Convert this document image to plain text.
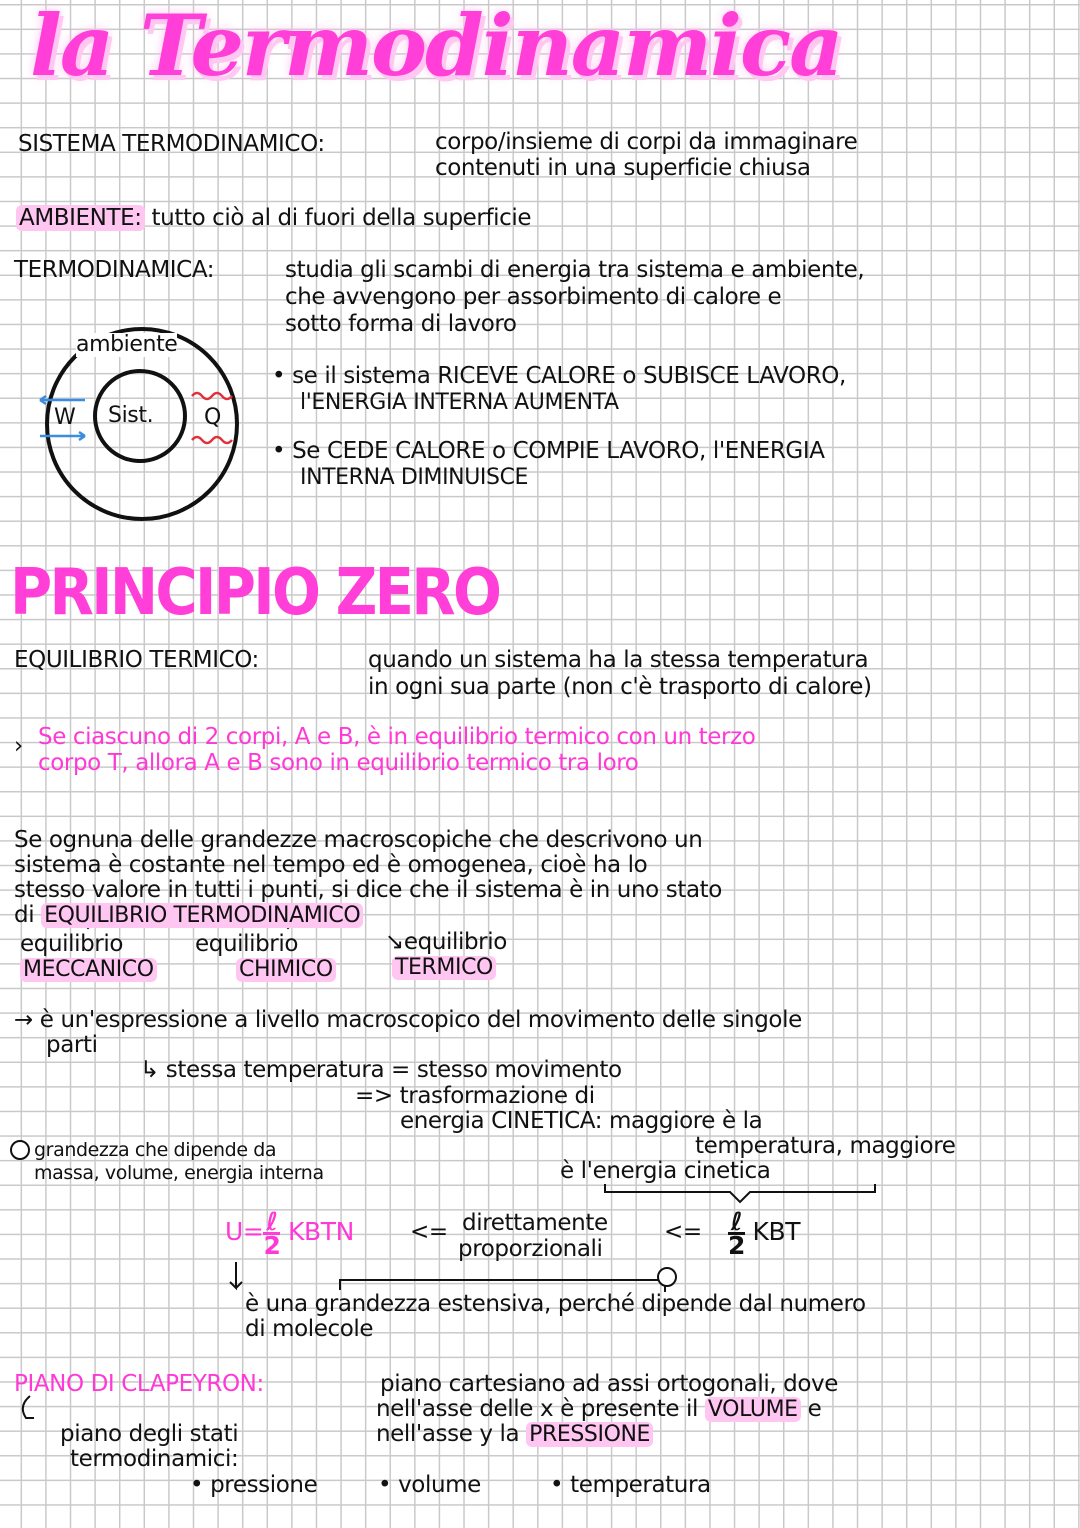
la Termodinamica
SISTEMA TERMODINAMICO:	corpo/insieme di corpi da immaginare
contenuti in una superficie chiusa
AMBIENTE: tutto ciò al di fuori della superficie
TERMODINAMICA:	studia gli scambi di energia tra sistema e ambiente,
che avvengono per assorbimento di calore e
sotto forma di lavoro
ambiente
Sist.
W	Q
• se il sistema RICEVE CALORE o SUBISCE LAVORO,
l'ENERGIA INTERNA AUMENTA
• Se CEDE CALORE o COMPIE LAVORO, l'ENERGIA
INTERNA DIMINUISCE
PRINCIPIO ZERO
EQUILIBRIO TERMICO:	quando un sistema ha la stessa temperatura
in ogni sua parte (non c'è trasporto di calore)
› Se ciascuno di 2 corpi, A e B, è in equilibrio termico con un terzo
corpo T, allora A e B sono in equilibrio termico tra loro
Se ognuna delle grandezze macroscopiche che descrivono un
sistema è costante nel tempo ed è omogenea, cioè ha lo
stesso valore in tutti i punti, si dice che il sistema è in uno stato
di EQUILIBRIO TERMODINAMICO
equilibrio
MECCANICO
equilibrio
CHIMICO
↘equilibrio
TERMICO
→ è un'espressione a livello macroscopico del movimento delle singole
parti
↳ stessa temperatura = stesso movimento
=> trasformazione di
energia CINETICA: maggiore è la
temperatura, maggiore
è l'energia cinetica
grandezza che dipende da
massa, volume, energia interna
U= ℓ
2 KBTN <= direttamente
proporzionali
<= ℓ
2 KBT
è una grandezza estensiva, perché dipende dal numero
di molecole
PIANO DI CLAPEYRON:	piano cartesiano ad assi ortogonali, dove
nell'asse delle x è presente il VOLUME e
nell'asse y la PRESSIONE
piano degli stati
termodinamici:
• pressione	• volume	• temperatura
